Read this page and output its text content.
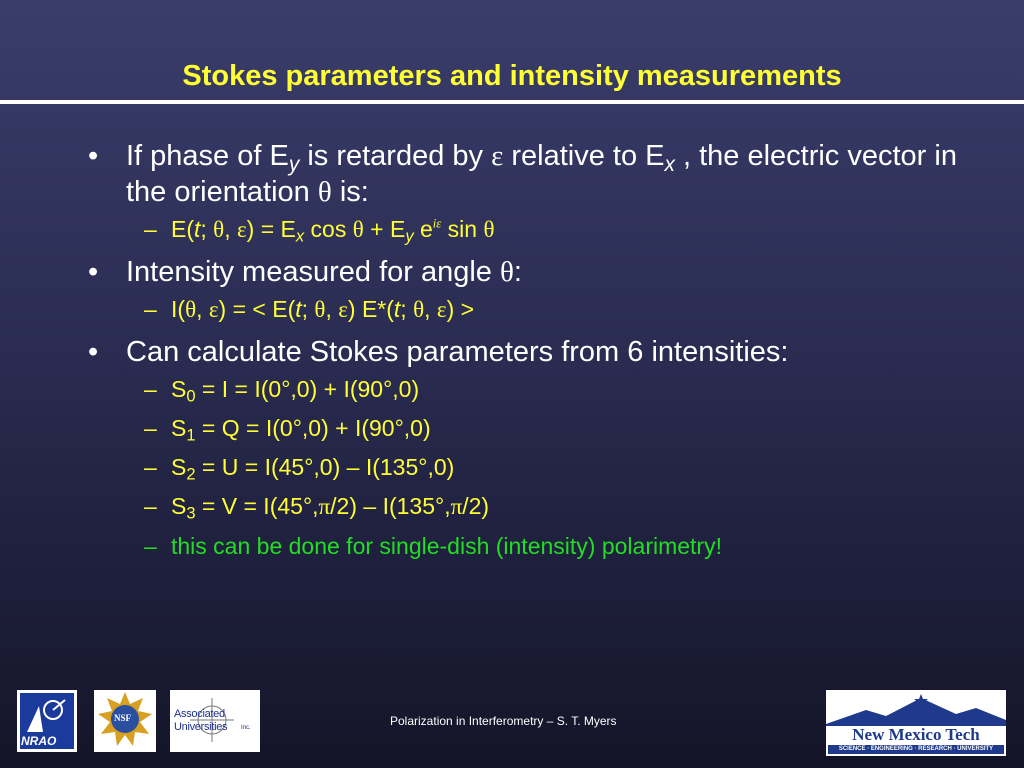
Stokes parameters and intensity measurements
• If phase of $E_y$ is retarded by ε relative to $E_x$ , the electric vector in the orientation θ is:
– E(t; θ, $\varepsilon) = E_x$ $\cos \theta + E_y$ $e^{i\varepsilon}$ sin θ
• Intensity measured for angle θ:
– I(θ, ε) = < E(t; θ, ε) E*(t; θ, ε) >
• Can calculate Stokes parameters from 6 intensities:
– $S_0 = I = I(0^\circ,0) + I(90^\circ,0)$
– $S_1 = Q = I(0^\circ,0) + I(90^\circ,0)$
– $S_2 = U = I(45^\circ,0) - I(135^\circ,0)$
– $S_3 = V = I(45^\circ,\pi/2) - I(135^\circ,\pi/2)$
– this can be done for single-dish (intensity) polarimetry!
NRAO
NSF	Associated
Universities Inc.	Polarization in Interferometry – S. T. Myers
New Mexico Tech
SCIENCE · ENGINEERING · RESEARCH · UNIVERSITY
